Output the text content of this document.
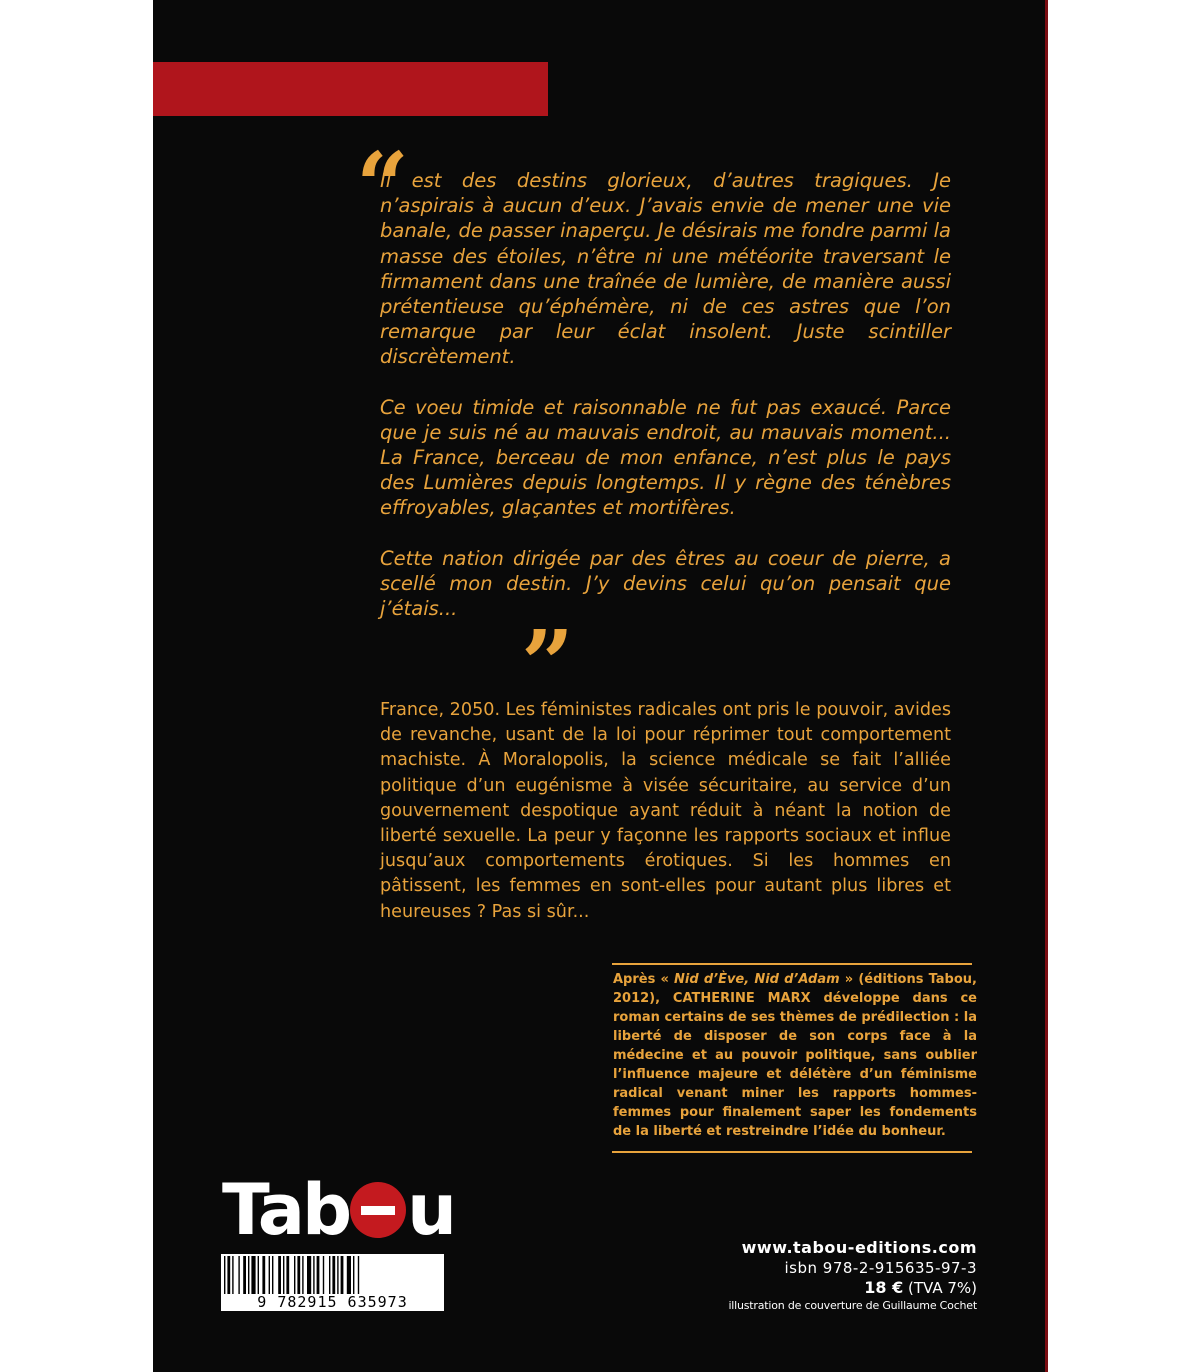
“

Il est des destins glorieux, d’autres tragiques. Je n’aspirais à aucun d’eux. J’avais envie de mener une vie banale, de passer inaperçu. Je désirais me fondre parmi la masse des étoiles, n’être ni une météorite traversant le firmament dans une traînée de lumière, de manière aussi prétentieuse qu’éphémère, ni de ces astres que l’on remarque par leur éclat insolent. Juste scintiller discrètement.

Ce voeu timide et raisonnable ne fut pas exaucé. Parce que je suis né au mauvais endroit, au mauvais moment... La France, berceau de mon enfance, n’est plus le pays des Lumières depuis longtemps. Il y règne des ténèbres effroyables, glaçantes et mortifères.

Cette nation dirigée par des êtres au coeur de pierre, a scellé mon destin. J’y devins celui qu’on pensait que j’étais...

”

France, 2050. Les féministes radicales ont pris le pouvoir, avides de revanche, usant de la loi pour réprimer tout comportement machiste. À Moralopolis, la science médicale se fait l’alliée politique d’un eugénisme à visée sécuritaire, au service d’un gouvernement despotique ayant réduit à néant la notion de liberté sexuelle. La peur y façonne les rapports sociaux et influe jusqu’aux comportements érotiques. Si les hommes en pâtissent, les femmes en sont-elles pour autant plus libres et heureuses ? Pas si sûr...

Après « Nid d’Ève, Nid d’Adam » (éditions Tabou, 2012), CATHERINE MARX développe dans ce roman certains de ses thèmes de prédilection : la liberté de disposer de son corps face à la médecine et au pouvoir politique, sans oublier l’influence majeure et délétère d’un féminisme radical venant miner les rapports hommes-femmes pour finalement saper les fondements de la liberté et restreindre l’idée du bonheur.

Tab u
9 782915 635973
www.tabou-editions.com
isbn 978-2-915635-97-3
18 € (TVA 7%)
illustration de couverture de Guillaume Cochet
